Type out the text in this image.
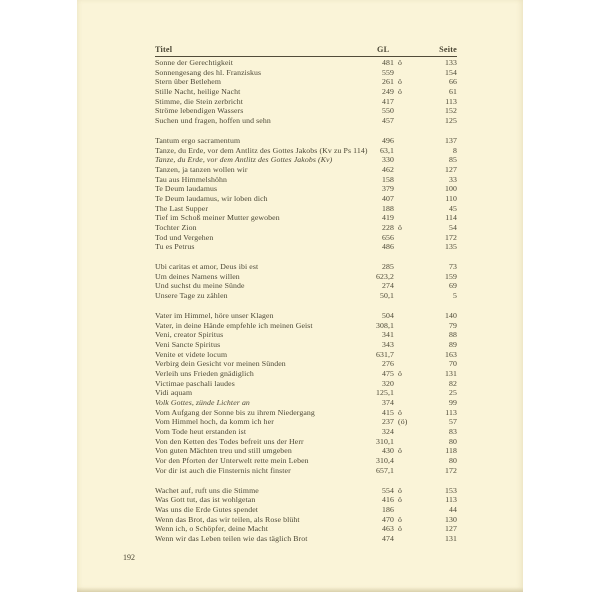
Titel	GL	Seite
Sonne der Gerechtigkeit	481 ö	133
Sonnengesang des hl. Franziskus	559	154
Stern über Betlehem	261 ö	66
Stille Nacht, heilige Nacht	249 ö	61
Stimme, die Stein zerbricht	417	113
Ströme lebendigen Wassers	550	152
Suchen und fragen, hoffen und sehn	457	125
Tantum ergo sacramentum	496	137
Tanze, du Erde, vor dem Antlitz des Gottes Jakobs (Kv zu Ps 114)	63,1	8
Tanze, du Erde, vor dem Antlitz des Gottes Jakobs (Kv)	330	85
Tanzen, ja tanzen wollen wir	462	127
Tau aus Himmelshöhn	158	33
Te Deum laudamus	379	100
Te Deum laudamus, wir loben dich	407	110
The Last Supper	188	45
Tief im Schoß meiner Mutter gewoben	419	114
Tochter Zion	228 ö	54
Tod und Vergehen	656	172
Tu es Petrus	486	135
Ubi caritas et amor, Deus ibi est	285	73
Um deines Namens willen	623,2	159
Und suchst du meine Sünde	274	69
Unsere Tage zu zählen	50,1	5
Vater im Himmel, höre unser Klagen	504	140
Vater, in deine Hände empfehle ich meinen Geist	308,1	79
Veni, creator Spiritus	341	88
Veni Sancte Spiritus	343	89
Venite et videte locum	631,7	163
Verbirg dein Gesicht vor meinen Sünden	276	70
Verleih uns Frieden gnädiglich	475 ö	131
Victimae paschali laudes	320	82
Vidi aquam	125,1	25
Volk Gottes, zünde Lichter an	374	99
Vom Aufgang der Sonne bis zu ihrem Niedergang	415 ö	113
Vom Himmel hoch, da komm ich her	237 (ö)	57
Vom Tode heut erstanden ist	324	83
Von den Ketten des Todes befreit uns der Herr	310,1	80
Von guten Mächten treu und still umgeben	430 ö	118
Vor den Pforten der Unterwelt rette mein Leben	310,4	80
Vor dir ist auch die Finsternis nicht finster	657,1	172
Wachet auf, ruft uns die Stimme	554 ö	153
Was Gott tut, das ist wohlgetan	416 ö	113
Was uns die Erde Gutes spendet	186	44
Wenn das Brot, das wir teilen, als Rose blüht	470 ö	130
Wenn ich, o Schöpfer, deine Macht	463 ö	127
Wenn wir das Leben teilen wie das täglich Brot	474	131
192
